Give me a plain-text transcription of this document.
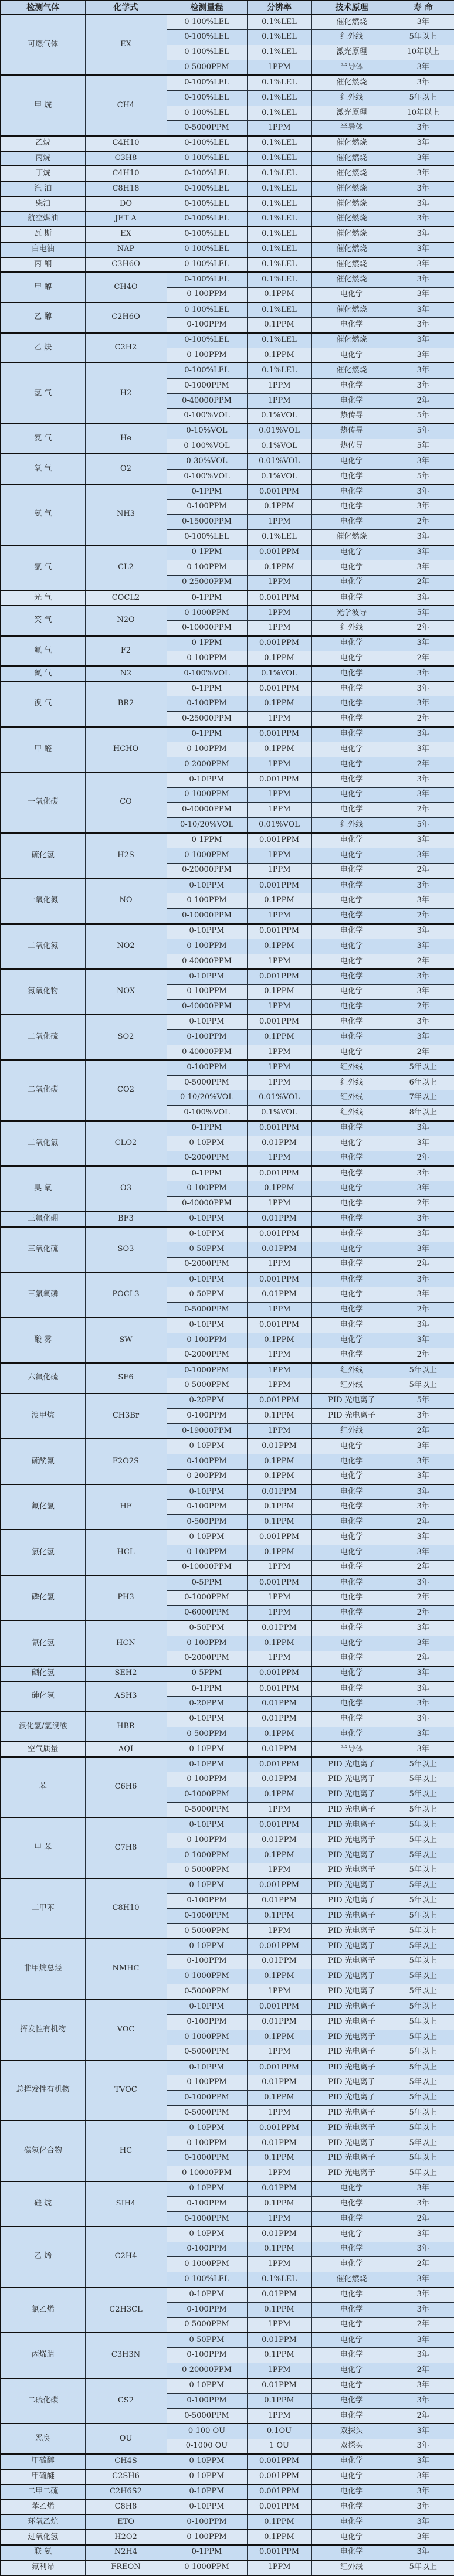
检测气体	化学式	检测量程	分辨率	技术原理	寿 命
可燃气体	EX	0-100%LEL	0.1%LEL	催化燃烧	3年
		0-100%LEL	0.1%LEL	红外线	5年以上
		0-100%LEL	0.1%LEL	激光原理	10年以上
		0-5000PPM	1PPM	半导体	3年
甲 烷	CH4	0-100%LEL	0.1%LEL	催化燃烧	3年
		0-100%LEL	0.1%LEL	红外线	5年以上
		0-100%LEL	0.1%LEL	激光原理	10年以上
		0-5000PPM	1PPM	半导体	3年
乙烷	C4H10	0-100%LEL	0.1%LEL	催化燃烧	3年
丙烷	C3H8	0-100%LEL	0.1%LEL	催化燃烧	3年
丁烷	C4H10	0-100%LEL	0.1%LEL	催化燃烧	3年
汽 油	C8H18	0-100%LEL	0.1%LEL	催化燃烧	3年
柴油	DO	0-100%LEL	0.1%LEL	催化燃烧	3年
航空煤油	JET A	0-100%LEL	0.1%LEL	催化燃烧	3年
瓦 斯	EX	0-100%LEL	0.1%LEL	催化燃烧	3年
白电油	NAP	0-100%LEL	0.1%LEL	催化燃烧	3年
丙 酮	C3H6O	0-100%LEL	0.1%LEL	催化燃烧	3年
甲 醇	CH4O	0-100%LEL	0.1%LEL	催化燃烧	3年
		0-100PPM	0.1PPM	电化学	3年
乙 醇	C2H6O	0-100%LEL	0.1%LEL	催化燃烧	3年
		0-100PPM	0.1PPM	电化学	3年
乙 炔	C2H2	0-100%LEL	0.1%LEL	催化燃烧	3年
		0-100PPM	0.1PPM	电化学	3年
氢 气	H2	0-100%LEL	0.1%LEL	催化燃烧	3年
		0-1000PPM	1PPM	电化学	3年
		0-40000PPM	1PPM	电化学	2年
		0-100%VOL	0.1%VOL	热传导	5年
氦 气	He	0-10%VOL	0.01%VOL	热传导	5年
		0-100%VOL	0.1%VOL	热传导	5年
氧 气	O2	0-30%VOL	0.01%VOL	电化学	3年
		0-100%VOL	0.1%VOL	电化学	5年
氨 气	NH3	0-1PPM	0.001PPM	电化学	3年
		0-100PPM	0.1PPM	电化学	3年
		0-15000PPM	1PPM	电化学	2年
		0-100%LEL	0.1%LEL	催化燃烧	3年
氯 气	CL2	0-1PPM	0.001PPM	电化学	3年
		0-100PPM	0.1PPM	电化学	3年
		0-25000PPM	1PPM	电化学	2年
光 气	COCL2	0-1PPM	0.001PPM	电化学	3年
笑 气	N2O	0-1000PPM	1PPM	光学波导	5年
		0-10000PPM	1PPM	红外线	2年
氟 气	F2	0-1PPM	0.001PPM	电化学	3年
		0-100PPM	0.1PPM	电化学	2年
氮 气	N2	0-100%VOL	0.1%VOL	电化学	3年
溴 气	BR2	0-1PPM	0.001PPM	电化学	3年
		0-100PPM	0.1PPM	电化学	3年
		0-25000PPM	1PPM	电化学	2年
甲 醛	HCHO	0-1PPM	0.001PPM	电化学	3年
		0-100PPM	0.1PPM	电化学	3年
		0-2000PPM	1PPM	电化学	2年
一氧化碳	CO	0-10PPM	0.001PPM	电化学	3年
		0-1000PPM	1PPM	电化学	3年
		0-40000PPM	1PPM	电化学	2年
		0-10/20%VOL	0.01%VOL	红外线	5年
硫化氢	H2S	0-1PPM	0.001PPM	电化学	3年
		0-1000PPM	1PPM	电化学	3年
		0-20000PPM	1PPM	电化学	2年
一氧化氮	NO	0-10PPM	0.001PPM	电化学	3年
		0-100PPM	0.1PPM	电化学	3年
		0-10000PPM	1PPM	电化学	2年
二氧化氮	NO2	0-10PPM	0.001PPM	电化学	3年
		0-100PPM	0.1PPM	电化学	3年
		0-40000PPM	1PPM	电化学	2年
氮氧化物	NOX	0-10PPM	0.001PPM	电化学	3年
		0-100PPM	0.1PPM	电化学	3年
		0-40000PPM	1PPM	电化学	2年
二氧化硫	SO2	0-10PPM	0.001PPM	电化学	3年
		0-100PPM	0.1PPM	电化学	3年
		0-40000PPM	1PPM	电化学	2年
二氧化碳	CO2	0-100PPM	1PPM	红外线	5年以上
		0-5000PPM	1PPM	红外线	6年以上
		0-10/20%VOL	0.01%VOL	红外线	7年以上
		0-100%VOL	0.1%VOL	红外线	8年以上
二氧化氯	CLO2	0-1PPM	0.001PPM	电化学	3年
		0-10PPM	0.01PPM	电化学	3年
		0-2000PPM	1PPM	电化学	2年
臭 氧	O3	0-1PPM	0.001PPM	电化学	3年
		0-100PPM	0.1PPM	电化学	3年
		0-40000PPM	1PPM	电化学	2年
三氟化硼	BF3	0-10PPM	0.01PPM	电化学	3年
三氧化硫	SO3	0-10PPM	0.001PPM	电化学	3年
		0-50PPM	0.01PPM	电化学	3年
		0-2000PPM	1PPM	电化学	2年
三氯氧磷	POCL3	0-10PPM	0.001PPM	电化学	3年
		0-50PPM	0.01PPM	电化学	3年
		0-5000PPM	1PPM	电化学	2年
酸 雾	SW	0-10PPM	0.001PPM	电化学	3年
		0-100PPM	0.1PPM	电化学	3年
		0-2000PPM	1PPM	电化学	2年
六氟化硫	SF6	0-1000PPM	1PPM	红外线	5年以上
		0-5000PPM	1PPM	红外线	5年以上
溴甲烷	CH3Br	0-20PPM	0.001PPM	PID 光电离子	5年
		0-100PPM	0.1PPM	PID 光电离子	3年
		0-19000PPM	1PPM	红外线	2年
硫酰氟	F2O2S	0-10PPM	0.01PPM	电化学	3年
		0-100PPM	0.1PPM	电化学	3年
		0-200PPM	0.1PPM	电化学	3年
氟化氢	HF	0-10PPM	0.01PPM	电化学	3年
		0-100PPM	0.1PPM	电化学	3年
		0-500PPM	0.1PPM	电化学	2年
氯化氢	HCL	0-10PPM	0.001PPM	电化学	3年
		0-100PPM	0.1PPM	电化学	3年
		0-10000PPM	1PPM	电化学	2年
磷化氢	PH3	0-5PPM	0.001PPM	电化学	3年
		0-1000PPM	1PPM	电化学	2年
		0-6000PPM	1PPM	电化学	2年
氰化氢	HCN	0-50PPM	0.01PPM	电化学	3年
		0-100PPM	0.1PPM	电化学	3年
		0-2000PPM	1PPM	电化学	2年
硒化氢	SEH2	0-5PPM	0.001PPM	电化学	3年
砷化氢	ASH3	0-1PPM	0.001PPM	电化学	3年
		0-20PPM	0.01PPM	电化学	3年
溴化氢/氢溴酸	HBR	0-10PPM	0.01PPM	电化学	3年
		0-500PPM	0.1PPM	电化学	3年
空气质量	AQI	0-10PPM	0.01PPM	半导体	3年
苯	C6H6	0-10PPM	0.001PPM	PID 光电离子	5年以上
		0-100PPM	0.01PPM	PID 光电离子	5年以上
		0-1000PPM	0.1PPM	PID 光电离子	5年以上
		0-5000PPM	1PPM	PID 光电离子	5年以上
甲 苯	C7H8	0-10PPM	0.001PPM	PID 光电离子	5年以上
		0-100PPM	0.01PPM	PID 光电离子	5年以上
		0-1000PPM	0.1PPM	PID 光电离子	5年以上
		0-5000PPM	1PPM	PID 光电离子	5年以上
二甲苯	C8H10	0-10PPM	0.001PPM	PID 光电离子	5年以上
		0-100PPM	0.01PPM	PID 光电离子	5年以上
		0-1000PPM	0.1PPM	PID 光电离子	5年以上
		0-5000PPM	1PPM	PID 光电离子	5年以上
非甲烷总烃	NMHC	0-10PPM	0.001PPM	PID 光电离子	5年以上
		0-100PPM	0.01PPM	PID 光电离子	5年以上
		0-1000PPM	0.1PPM	PID 光电离子	5年以上
		0-5000PPM	1PPM	PID 光电离子	5年以上
挥发性有机物	VOC	0-10PPM	0.001PPM	PID 光电离子	5年以上
		0-100PPM	0.01PPM	PID 光电离子	5年以上
		0-1000PPM	0.1PPM	PID 光电离子	5年以上
		0-5000PPM	1PPM	PID 光电离子	5年以上
总挥发性有机物	TVOC	0-10PPM	0.001PPM	PID 光电离子	5年以上
		0-100PPM	0.01PPM	PID 光电离子	5年以上
		0-1000PPM	0.1PPM	PID 光电离子	5年以上
		0-5000PPM	1PPM	PID 光电离子	5年以上
碳氢化合物	HC	0-10PPM	0.001PPM	PID 光电离子	5年以上
		0-100PPM	0.01PPM	PID 光电离子	5年以上
		0-1000PPM	0.1PPM	PID 光电离子	5年以上
		0-10000PPM	1PPM	PID 光电离子	5年以上
硅 烷	SIH4	0-10PPM	0.01PPM	电化学	3年
		0-100PPM	0.1PPM	电化学	3年
		0-1000PPM	1PPM	电化学	2年
乙 烯	C2H4	0-10PPM	0.01PPM	电化学	3年
		0-100PPM	0.1PPM	电化学	3年
		0-1000PPM	1PPM	电化学	2年
		0-100%LEL	0.1%LEL	催化燃烧	3年
氯乙烯	C2H3CL	0-10PPM	0.01PPM	电化学	3年
		0-100PPM	0.1PPM	电化学	3年
		0-5000PPM	1PPM	电化学	2年
丙烯腈	C3H3N	0-50PPM	0.01PPM	电化学	3年
		0-100PPM	0.1PPM	电化学	3年
		0-20000PPM	1PPM	电化学	2年
二硫化碳	CS2	0-10PPM	0.01PPM	电化学	3年
		0-100PPM	0.1PPM	电化学	3年
		0-5000PPM	1PPM	电化学	2年
恶臭	OU	0-100 OU	0.1OU	双探头	3年
		0-1000 OU	1 OU	双探头	3年
甲硫醇	CH4S	0-10PPM	0.001PPM	电化学	3年
甲硫醚	C2SH6	0-10PPM	0.001PPM	电化学	3年
二甲二硫	C2H6S2	0-10PPM	0.001PPM	电化学	3年
苯乙烯	C8H8	0-10PPM	0.001PPM	电化学	3年
环氧乙烷	ETO	0-100PPM	0.1PPM	电化学	3年
过氧化氢	H2O2	0-100PPM	0.1PPM	电化学	3年
联 氨	N2H4	0-1PPM	0.001PPM	电化学	3年
氟利昂	FREON	0-1000PPM	1PPM	红外线	5年以上
